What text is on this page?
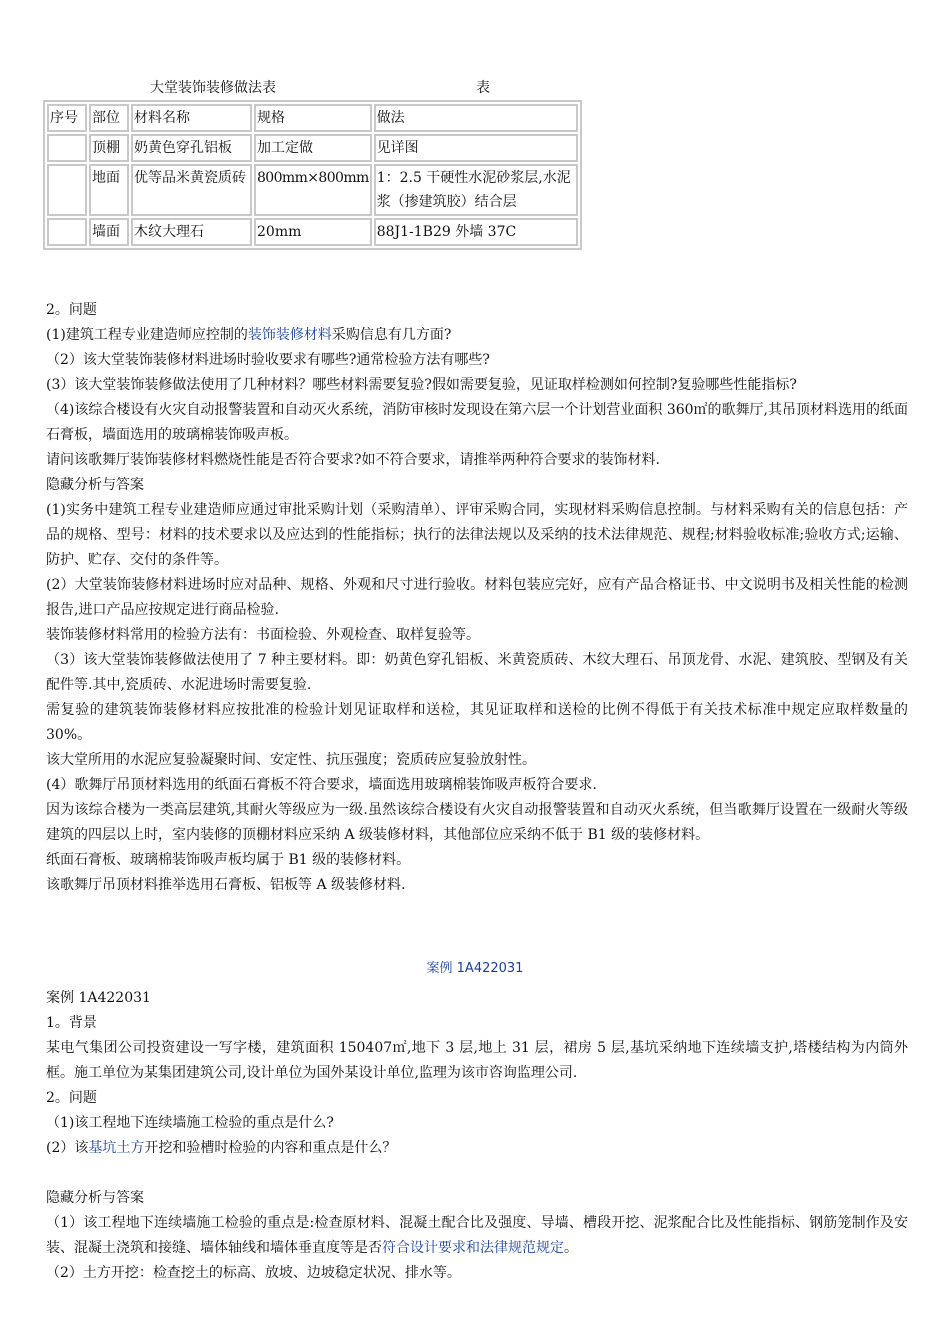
大堂装饰装修做法表	表
序号	部位	材料名称	规格	做法
	顶棚	奶黄色穿孔铝板	加工定做	见详图
	地面	优等品米黄瓷质砖	800mm×800mm	1：2.5 干硬性水泥砂浆层,水泥浆（掺建筑胶）结合层
	墙面	木纹大理石	20mm	88J1-1B29 外墙 37C

2。问题

(1)建筑工程专业建造师应控制的装饰装修材料采购信息有几方面?

（2）该大堂装饰装修材料进场时验收要求有哪些?通常检验方法有哪些?

(3）该大堂装饰装修做法使用了几种材料？哪些材料需要复验?假如需要复验，见证取样检测如何控制?复验哪些性能指标?

（4)该综合楼设有火灾自动报警装置和自动灭火系统，消防审核时发现设在第六层一个计划营业面积 360㎡的歌舞厅,其吊顶材料选用的纸面石膏板，墙面选用的玻璃棉装饰吸声板。

请问该歌舞厅装饰装修材料燃烧性能是否符合要求?如不符合要求，请推举两种符合要求的装饰材料.

隐藏分析与答案

(1)实务中建筑工程专业建造师应通过审批采购计划（采购清单）、评审采购合同，实现材料采购信息控制。与材料采购有关的信息包括：产品的规格、型号：材料的技术要求以及应达到的性能指标；执行的法律法规以及采纳的技术法律规范、规程;材料验收标准;验收方式;运输、防护、贮存、交付的条件等。

(2）大堂装饰装修材料进场时应对品种、规格、外观和尺寸进行验收。材料包装应完好，应有产品合格证书、中文说明书及相关性能的检测报告,进口产品应按规定进行商品检验.

装饰装修材料常用的检验方法有：书面检验、外观检查、取样复验等。

（3）该大堂装饰装修做法使用了 7 种主要材料。即：奶黄色穿孔铝板、米黄瓷质砖、木纹大理石、吊顶龙骨、水泥、建筑胶、型钢及有关配件等.其中,瓷质砖、水泥进场时需要复验.

需复验的建筑装饰装修材料应按批准的检验计划见证取样和送检，其见证取样和送检的比例不得低于有关技术标准中规定应取样数量的 30%。

该大堂所用的水泥应复验凝聚时间、安定性、抗压强度；瓷质砖应复验放射性。

(4）歌舞厅吊顶材料选用的纸面石膏板不符合要求，墙面选用玻璃棉装饰吸声板符合要求.

因为该综合楼为一类高层建筑,其耐火等级应为一级.虽然该综合楼设有火灾自动报警装置和自动灭火系统，但当歌舞厅设置在一级耐火等级建筑的四层以上时，室内装修的顶棚材料应采纳 A 级装修材料，其他部位应采纳不低于 B1 级的装修材料。

纸面石膏板、玻璃棉装饰吸声板均属于 B1 级的装修材料。

该歌舞厅吊顶材料推举选用石膏板、铝板等 A 级装修材料.

案例 1A422031

案例 1A422031

1。背景

某电气集团公司投资建设一写字楼，建筑面积 150407㎡,地下 3 层,地上 31 层，裙房 5 层,基坑采纳地下连续墙支护,塔楼结构为内筒外框。施工单位为某集团建筑公司,设计单位为国外某设计单位,监理为该市咨询监理公司.

2。问题

（1)该工程地下连续墙施工检验的重点是什么?

(2）该基坑土方开挖和验槽时检验的内容和重点是什么？

隐藏分析与答案

（1）该工程地下连续墙施工检验的重点是:检查原材料、混凝土配合比及强度、导墙、槽段开挖、泥浆配合比及性能指标、钢筋笼制作及安装、混凝土浇筑和接缝、墙体轴线和墙体垂直度等是否符合设计要求和法律规范规定。

（2）土方开挖：检查挖土的标高、放坡、边坡稳定状况、排水等。
